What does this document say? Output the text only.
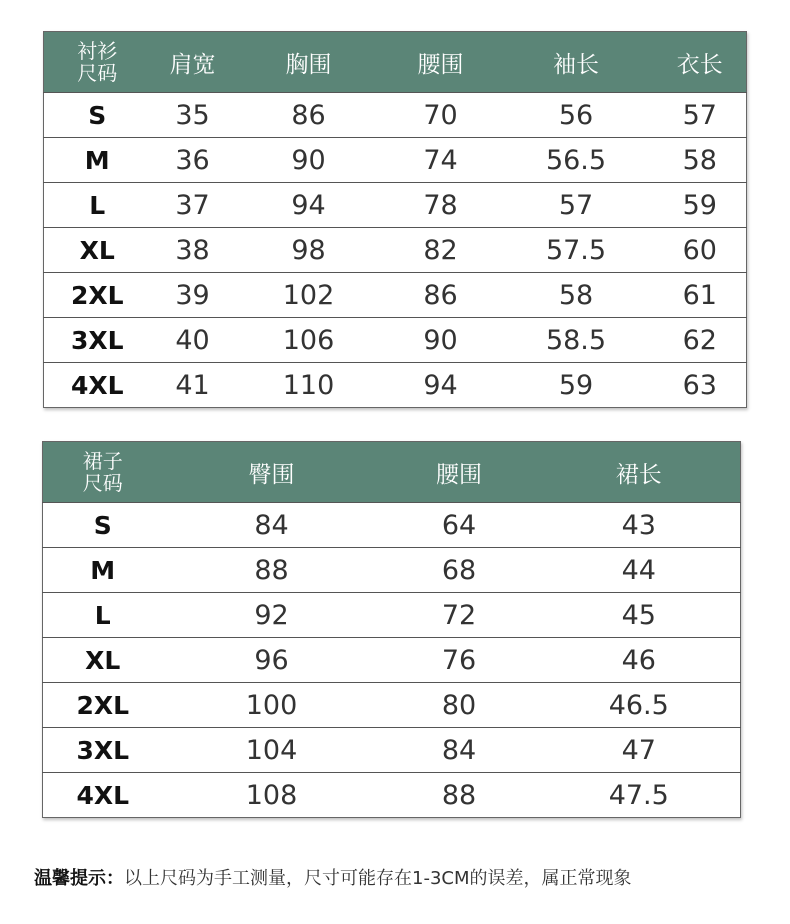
衬衫
尺码	肩宽	胸围	腰围	袖长	衣长
S	35	86	70	56	57
M	36	90	74	56.5	58
L	37	94	78	57	59
XL	38	98	82	57.5	60
2XL	39	102	86	58	61
3XL	40	106	90	58.5	62
4XL	41	110	94	59	63
裙子
尺码	臀围	腰围	裙长
S	84	64	43
M	88	68	44
L	92	72	45
XL	96	76	46
2XL	100	80	46.5
3XL	104	84	47
4XL	108	88	47.5
温馨提示：以上尺码为手工测量，尺寸可能存在1-3CM的误差，属正常现象
